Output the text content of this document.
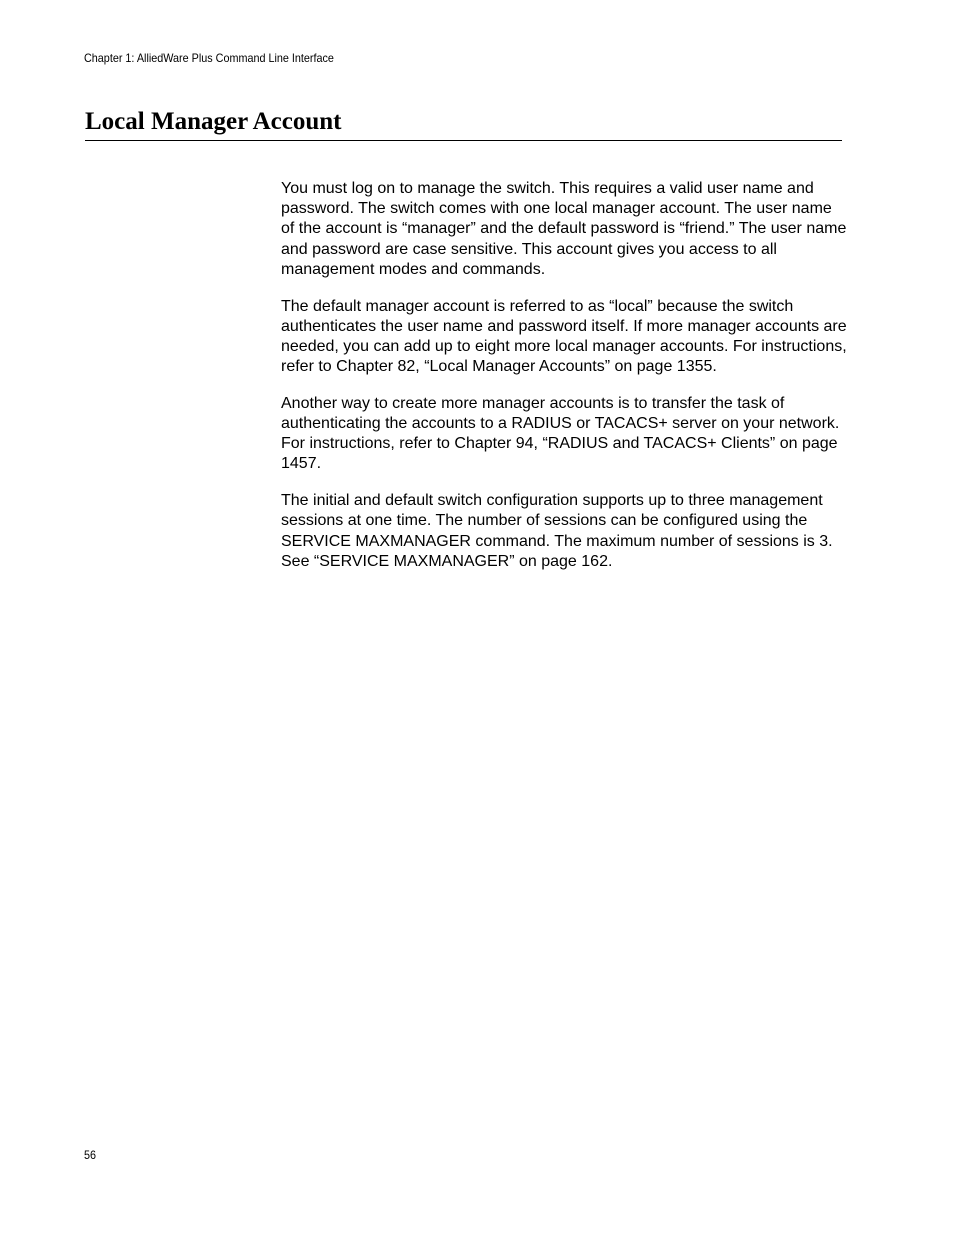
Chapter 1: AlliedWare Plus Command Line Interface
Local Manager Account

You must log on to manage the switch. This requires a valid user name and password. The switch comes with one local manager account. The user name of the account is “manager” and the default password is “friend.” The user name and password are case sensitive. This account gives you access to all management modes and commands.

The default manager account is referred to as “local” because the switch authenticates the user name and password itself. If more manager accounts are needed, you can add up to eight more local manager accounts. For instructions, refer to Chapter 82, “Local Manager Accounts” on page 1355.

Another way to create more manager accounts is to transfer the task of authenticating the accounts to a RADIUS or TACACS+ server on your network. For instructions, refer to Chapter 94, “RADIUS and TACACS+ Clients” on page 1457.

The initial and default switch configuration supports up to three management sessions at one time. The number of sessions can be configured using the SERVICE MAXMANAGER command. The maximum number of sessions is 3. See “SERVICE MAXMANAGER” on page 162.

56
